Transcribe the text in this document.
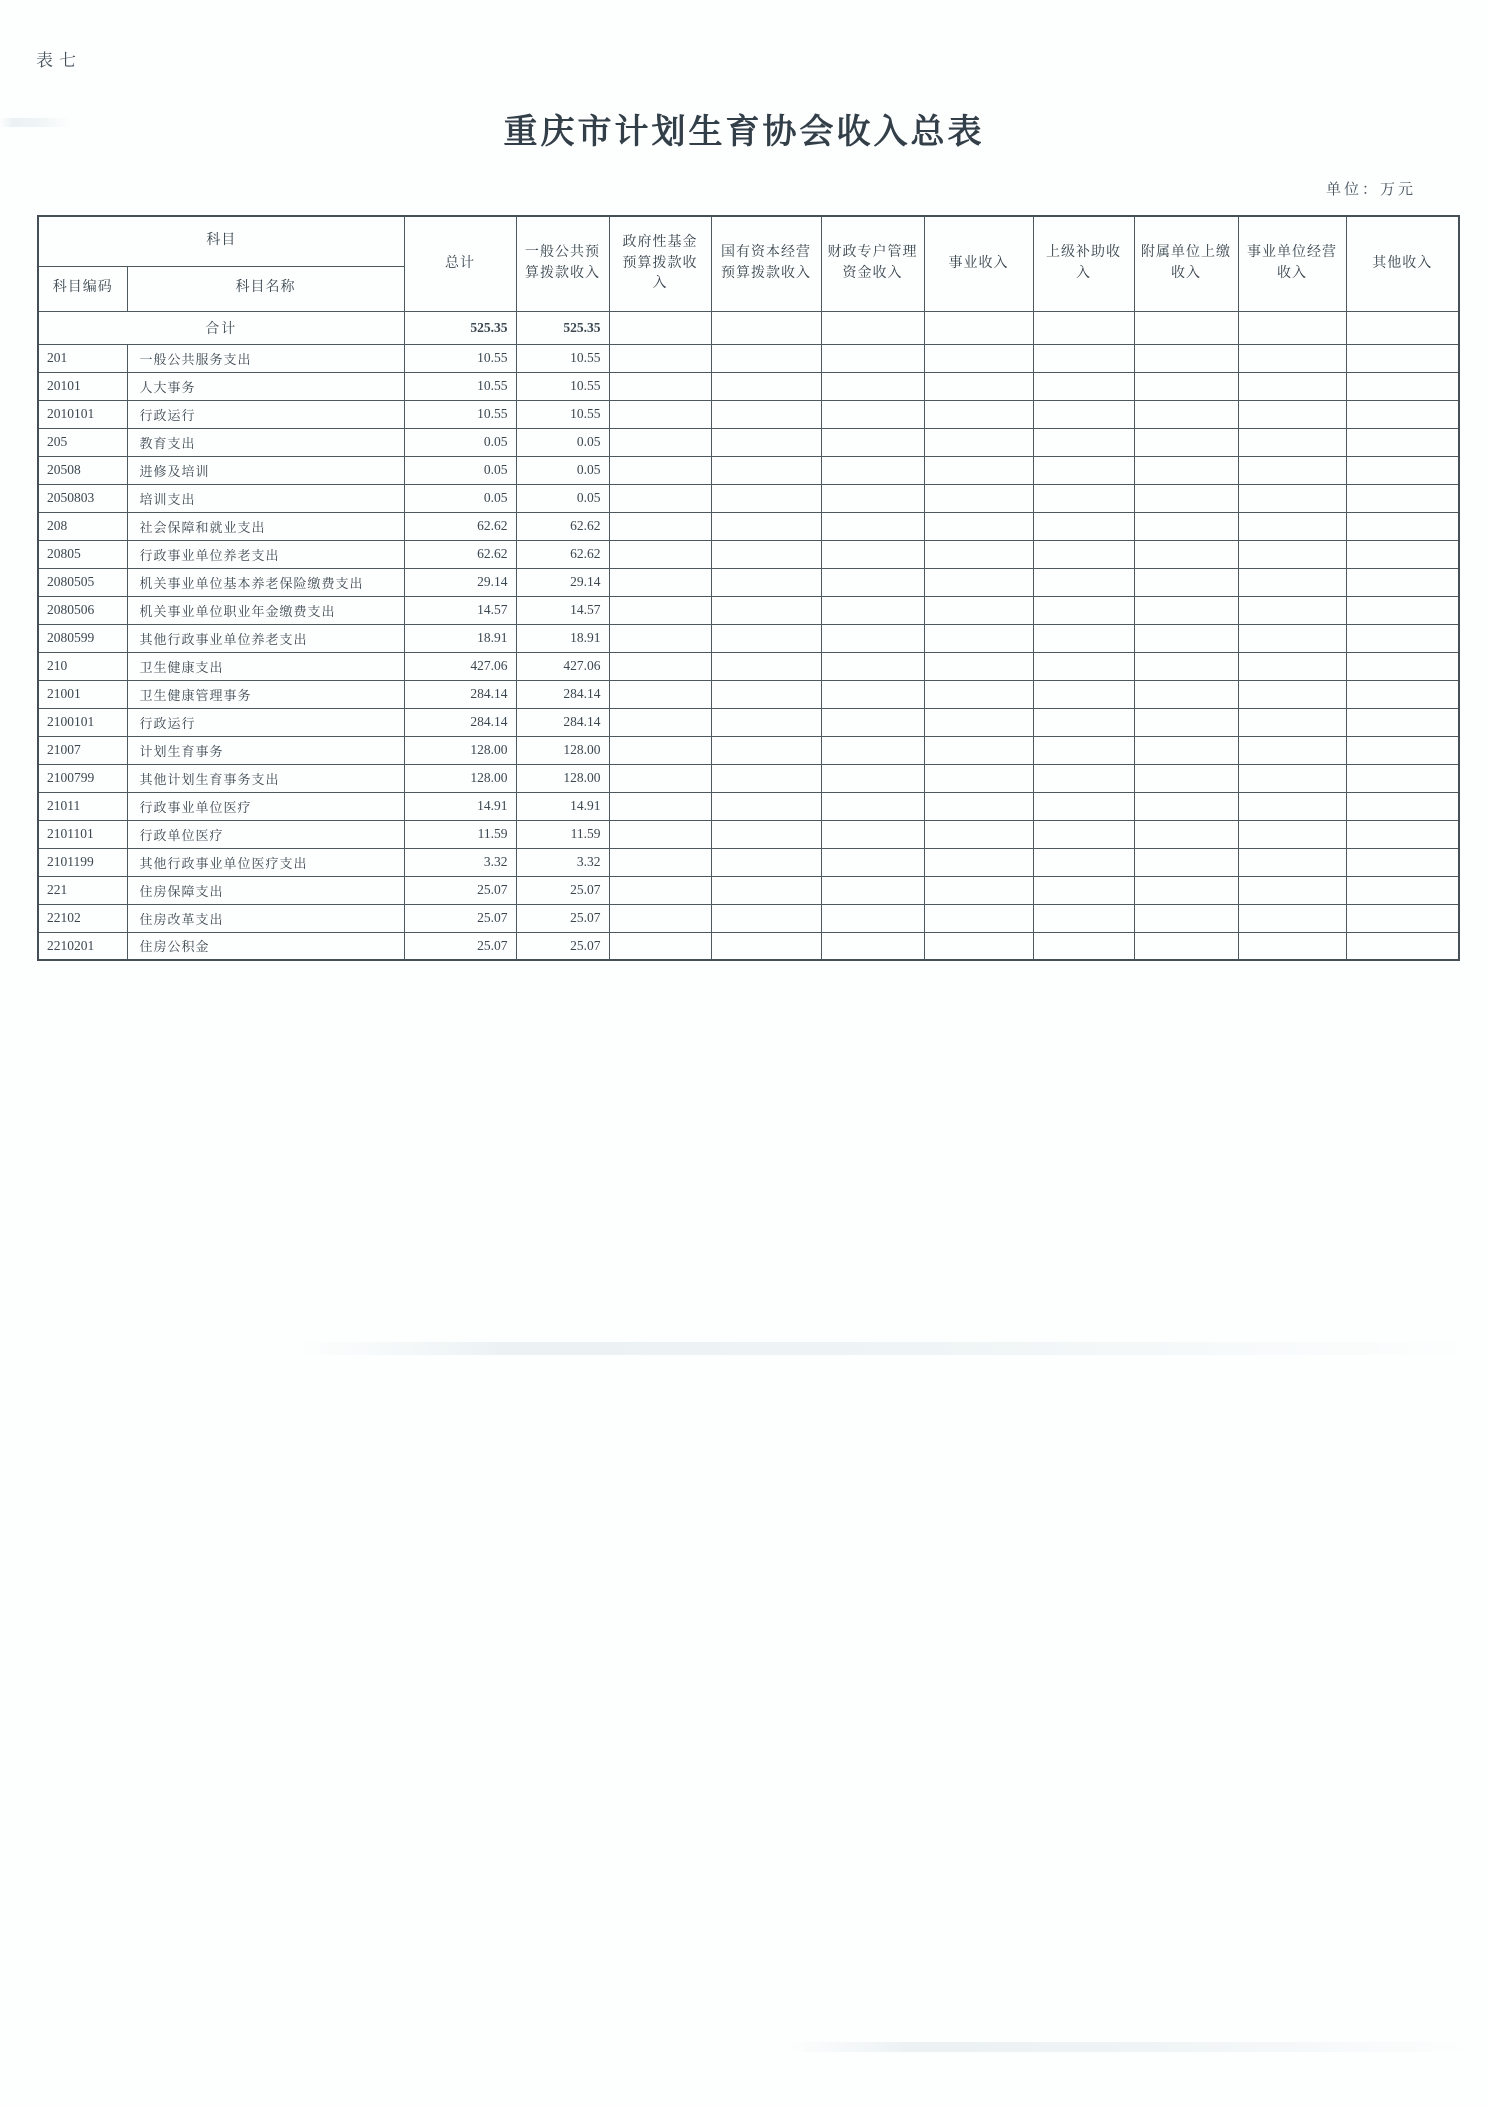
表七
重庆市计划生育协会收入总表
单位：万元
科目		总计	一般公共预算拨款收入	政府性基金预算拨款收入	国有资本经营预算拨款收入	财政专户管理资金收入	事业收入	上级补助收入	附属单位上缴收入	事业单位经营收入	其他收入
科目编码	科目名称										
合计		525.35	525.35								
201	一般公共服务支出	10.55	10.55								
20101	人大事务	10.55	10.55								
2010101	行政运行	10.55	10.55								
205	教育支出	0.05	0.05								
20508	进修及培训	0.05	0.05								
2050803	培训支出	0.05	0.05								
208	社会保障和就业支出	62.62	62.62								
20805	行政事业单位养老支出	62.62	62.62								
2080505	机关事业单位基本养老保险缴费支出	29.14	29.14								
2080506	机关事业单位职业年金缴费支出	14.57	14.57								
2080599	其他行政事业单位养老支出	18.91	18.91								
210	卫生健康支出	427.06	427.06								
21001	卫生健康管理事务	284.14	284.14								
2100101	行政运行	284.14	284.14								
21007	计划生育事务	128.00	128.00								
2100799	其他计划生育事务支出	128.00	128.00								
21011	行政事业单位医疗	14.91	14.91								
2101101	行政单位医疗	11.59	11.59								
2101199	其他行政事业单位医疗支出	3.32	3.32								
221	住房保障支出	25.07	25.07								
22102	住房改革支出	25.07	25.07								
2210201	住房公积金	25.07	25.07								
